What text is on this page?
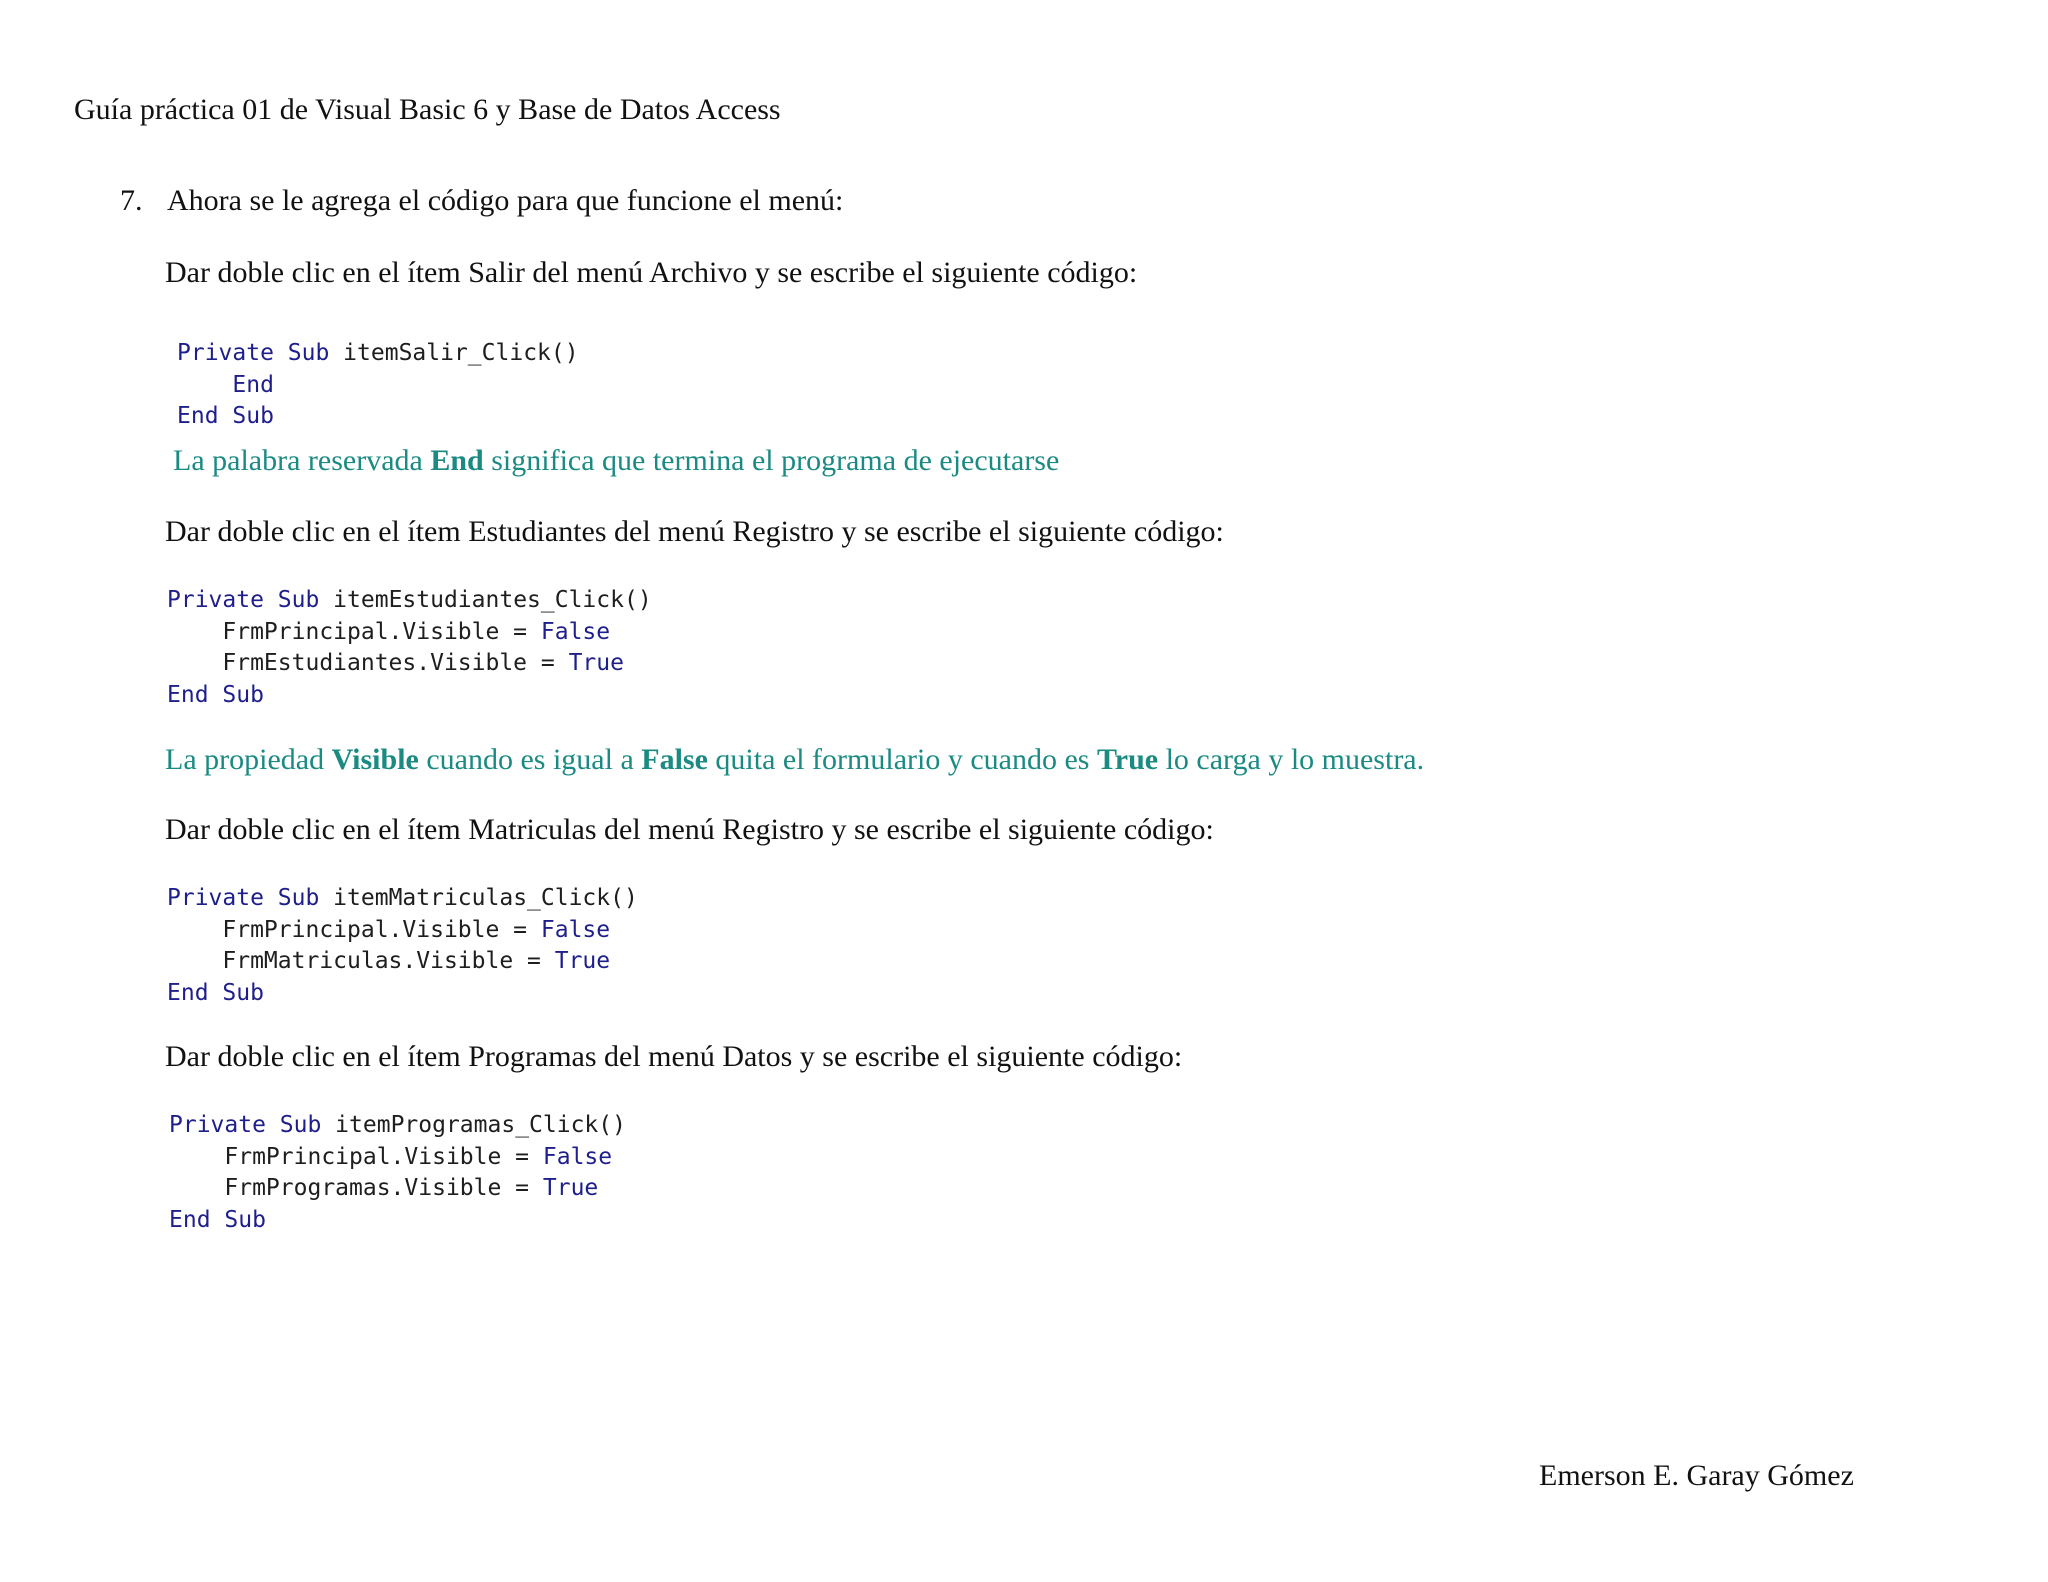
Guía práctica 01 de Visual Basic 6 y Base de Datos Access
7. Ahora se le agrega el código para que funcione el menú:
Dar doble clic en el ítem Salir del menú Archivo y se escribe el siguiente código:
Private Sub itemSalir_Click()
End
End Sub
La palabra reservada End significa que termina el programa de ejecutarse
Dar doble clic en el ítem Estudiantes del menú Registro y se escribe el siguiente código:
Private Sub itemEstudiantes_Click()
FrmPrincipal.Visible = False
FrmEstudiantes.Visible = True
End Sub
La propiedad Visible cuando es igual a False quita el formulario y cuando es True lo carga y lo muestra.
Dar doble clic en el ítem Matriculas del menú Registro y se escribe el siguiente código:
Private Sub itemMatriculas_Click()
FrmPrincipal.Visible = False
FrmMatriculas.Visible = True
End Sub
Dar doble clic en el ítem Programas del menú Datos y se escribe el siguiente código:
Private Sub itemProgramas_Click()
FrmPrincipal.Visible = False
FrmProgramas.Visible = True
End Sub
Emerson E. Garay Gómez
